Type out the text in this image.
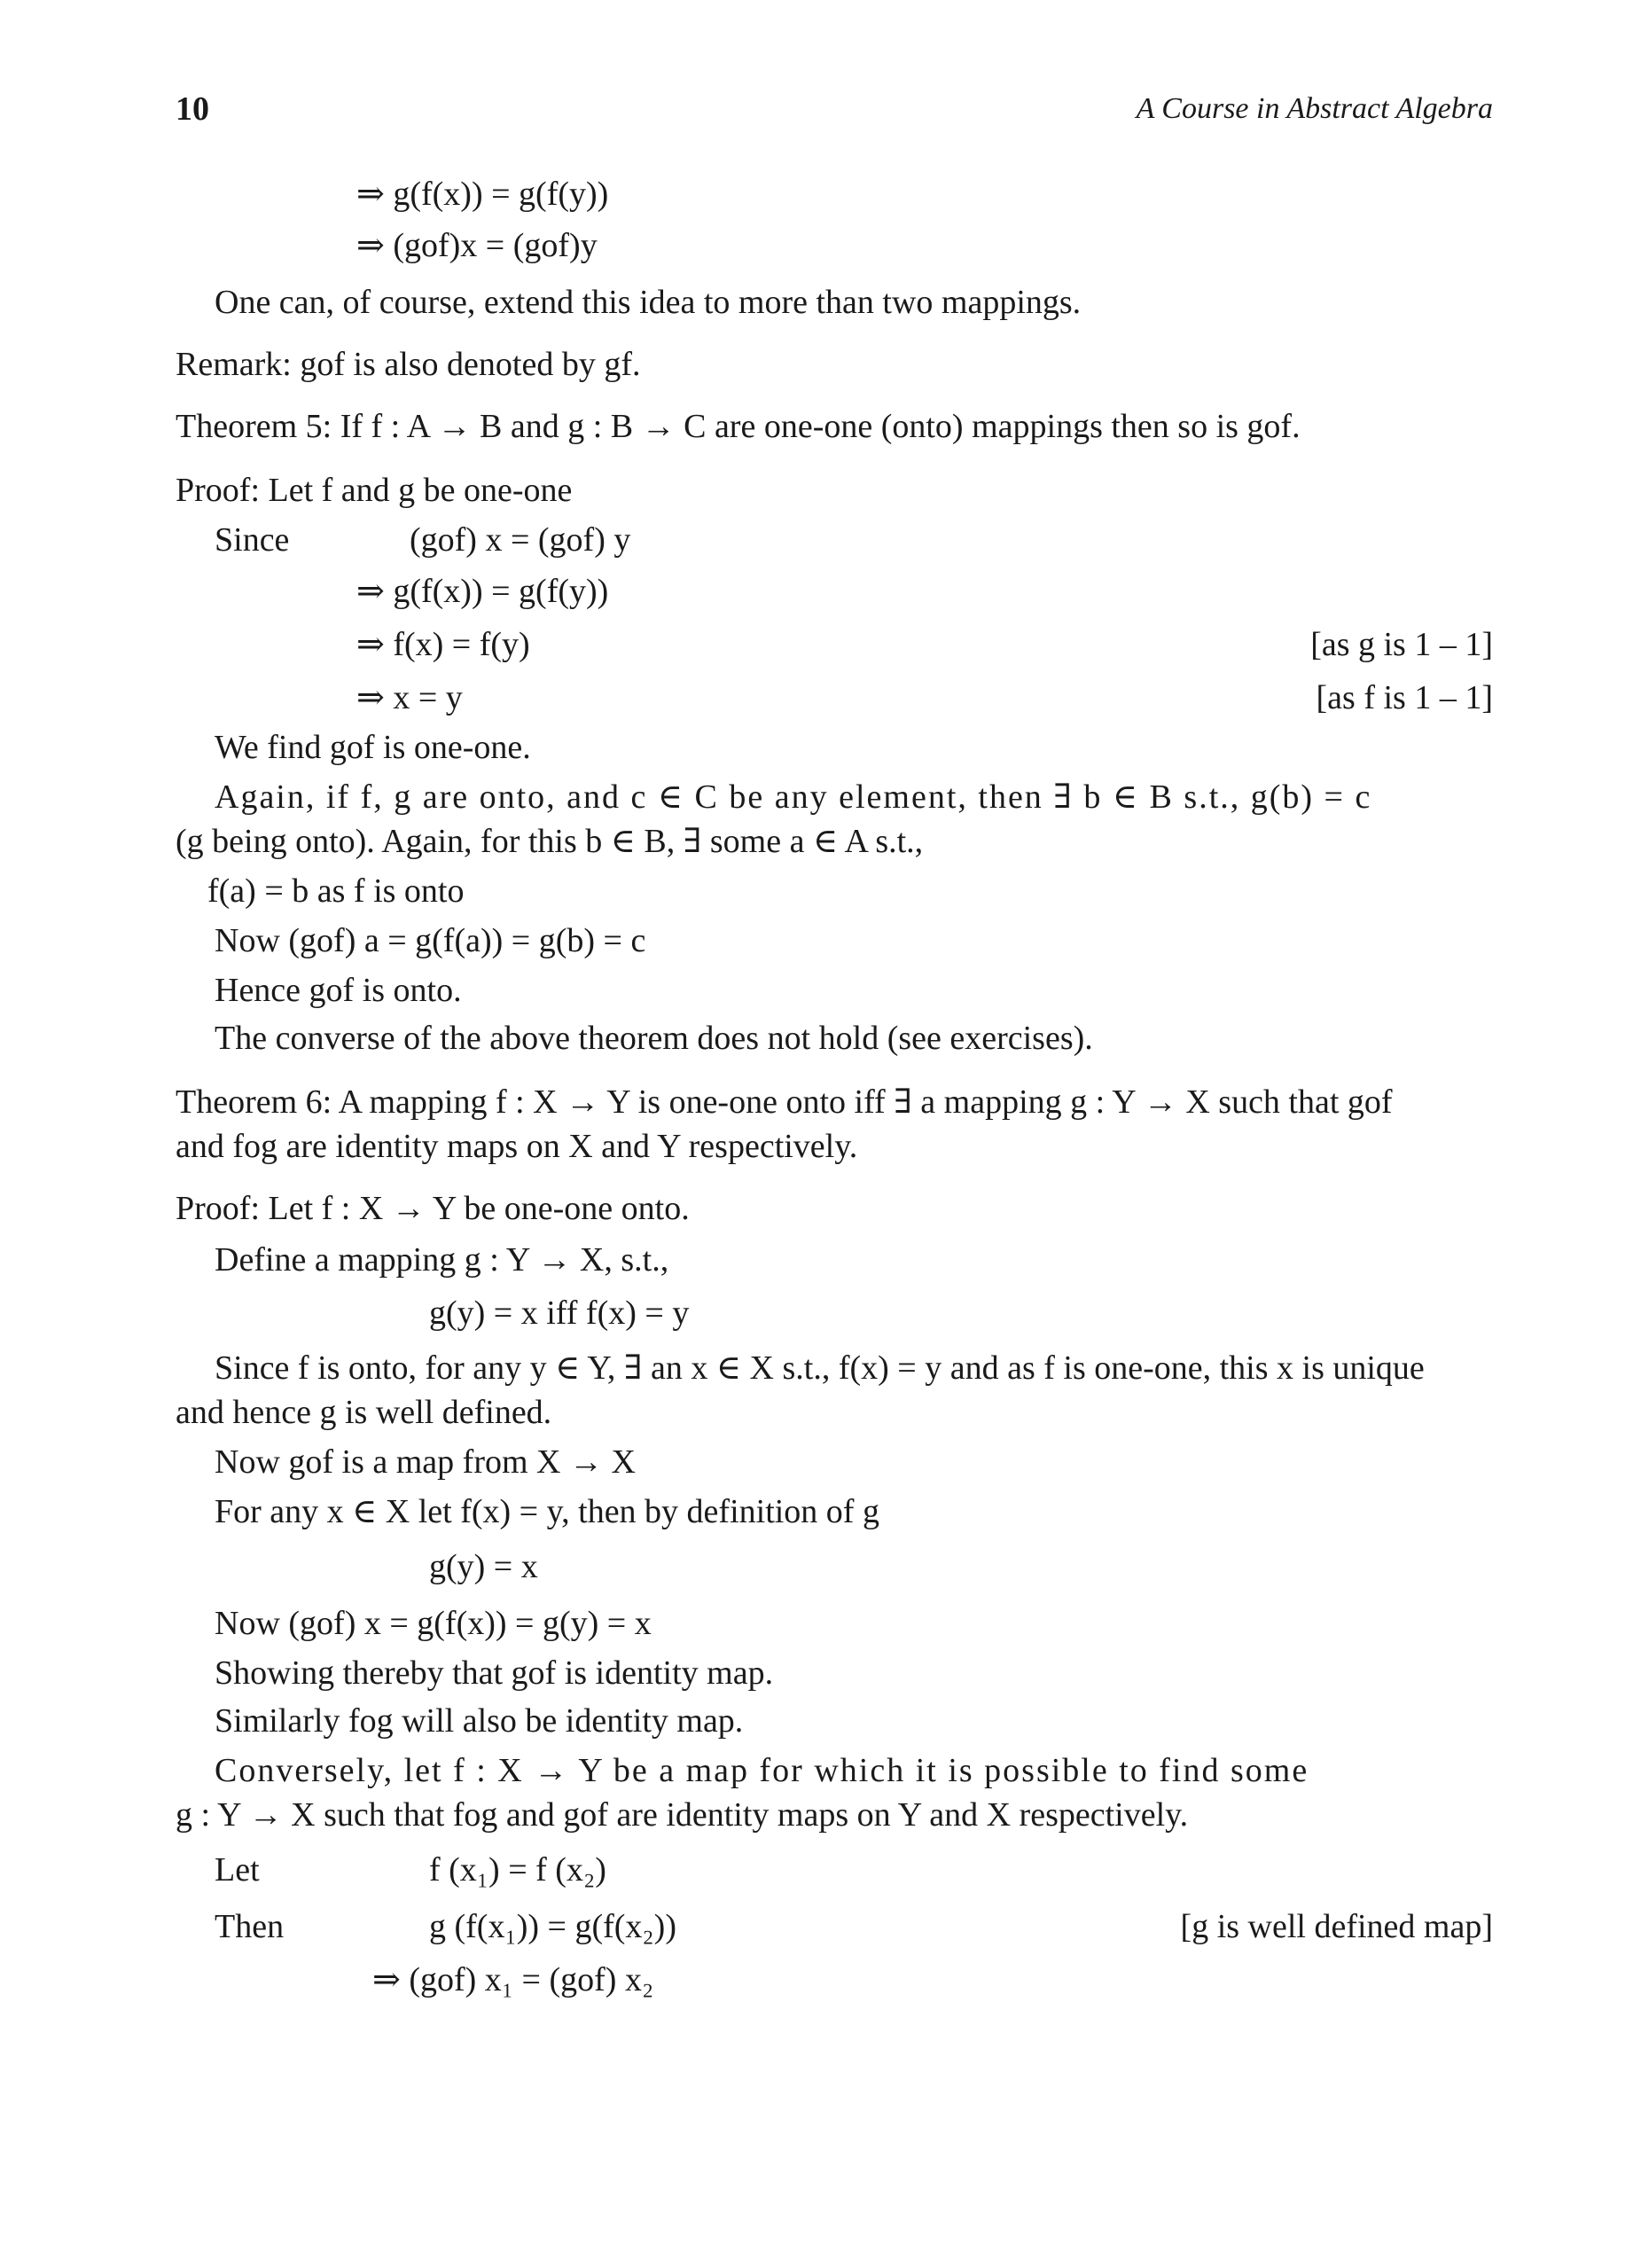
10	A Course in Abstract Algebra
⇒ g(f(x)) = g(f(y))
⇒ (gof)x = (gof)y
One can, of course, extend this idea to more than two mappings.
Remark: gof is also denoted by gf.
Theorem 5: If f : A → B and g : B → C are one-one (onto) mappings then so is gof.
Proof: Let f and g be one-one
Since	(gof) x = (gof) y
⇒ g(f(x)) = g(f(y))
⇒ f(x) = f(y)	[as g is 1 – 1]
⇒ x = y	[as f is 1 – 1]
We find gof is one-one.
Again, if f, g are onto, and c ∈ C be any element, then ∃ b ∈ B s.t., g(b) = c
(g being onto). Again, for this b ∈ B, ∃ some a ∈ A s.t.,
f(a) = b as f is onto
Now (gof) a = g(f(a)) = g(b) = c
Hence gof is onto.
The converse of the above theorem does not hold (see exercises).
Theorem 6: A mapping f : X → Y is one-one onto iff ∃ a mapping g : Y → X such that gof
and fog are identity maps on X and Y respectively.
Proof: Let f : X → Y be one-one onto.
Define a mapping g : Y → X, s.t.,
g(y) = x iff f(x) = y
Since f is onto, for any y ∈ Y, ∃ an x ∈ X s.t., f(x) = y and as f is one-one, this x is unique
and hence g is well defined.
Now gof is a map from X → X
For any x ∈ X let f(x) = y, then by definition of g
g(y) = x
Now (gof) x = g(f(x)) = g(y) = x
Showing thereby that gof is identity map.
Similarly fog will also be identity map.
Conversely, let f : X → Y be a map for which it is possible to find some
g : Y → X such that fog and gof are identity maps on Y and X respectively.
Let	f (x₁) = f (x₂)
Then	g (f(x₁)) = g(f(x₂))	[g is well defined map]
⇒ (gof) x₁ = (gof) x₂
